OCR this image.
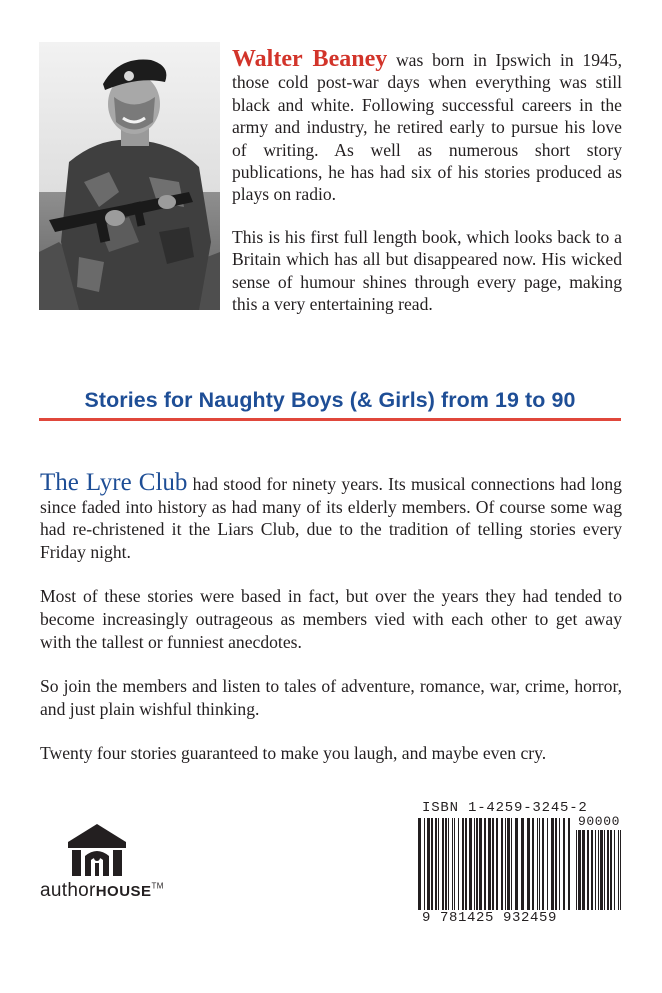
Walter Beaney was born in Ipswich in 1945, those cold post-war days when everything was still black and white. Following successful careers in the army and industry, he retired early to pursue his love of writing. As well as numerous short story publications, he has had six of his stories produced as plays on radio.

This is his first full length book, which looks back to a Britain which has all but disappeared now. His wicked sense of humour shines through every page, making this a very entertaining read.

Stories for Naughty Boys (& Girls) from 19 to 90

The Lyre Club had stood for ninety years. Its musical connections had long since faded into history as had many of its elderly members. Of course some wag had re-christened it the Liars Club, due to the tradition of telling stories every Friday night.

Most of these stories were based in fact, but over the years they had tended to become increasingly outrageous as members vied with each other to get away with the tallest or funniest anecdotes.

So join the members and listen to tales of adventure, romance, war, crime, horror, and just plain wishful thinking.

Twenty four stories guaranteed to make you laugh, and maybe even cry.

authorHOUSE™
ISBN 1-4259-3245-2
90000
9 781425 932459
